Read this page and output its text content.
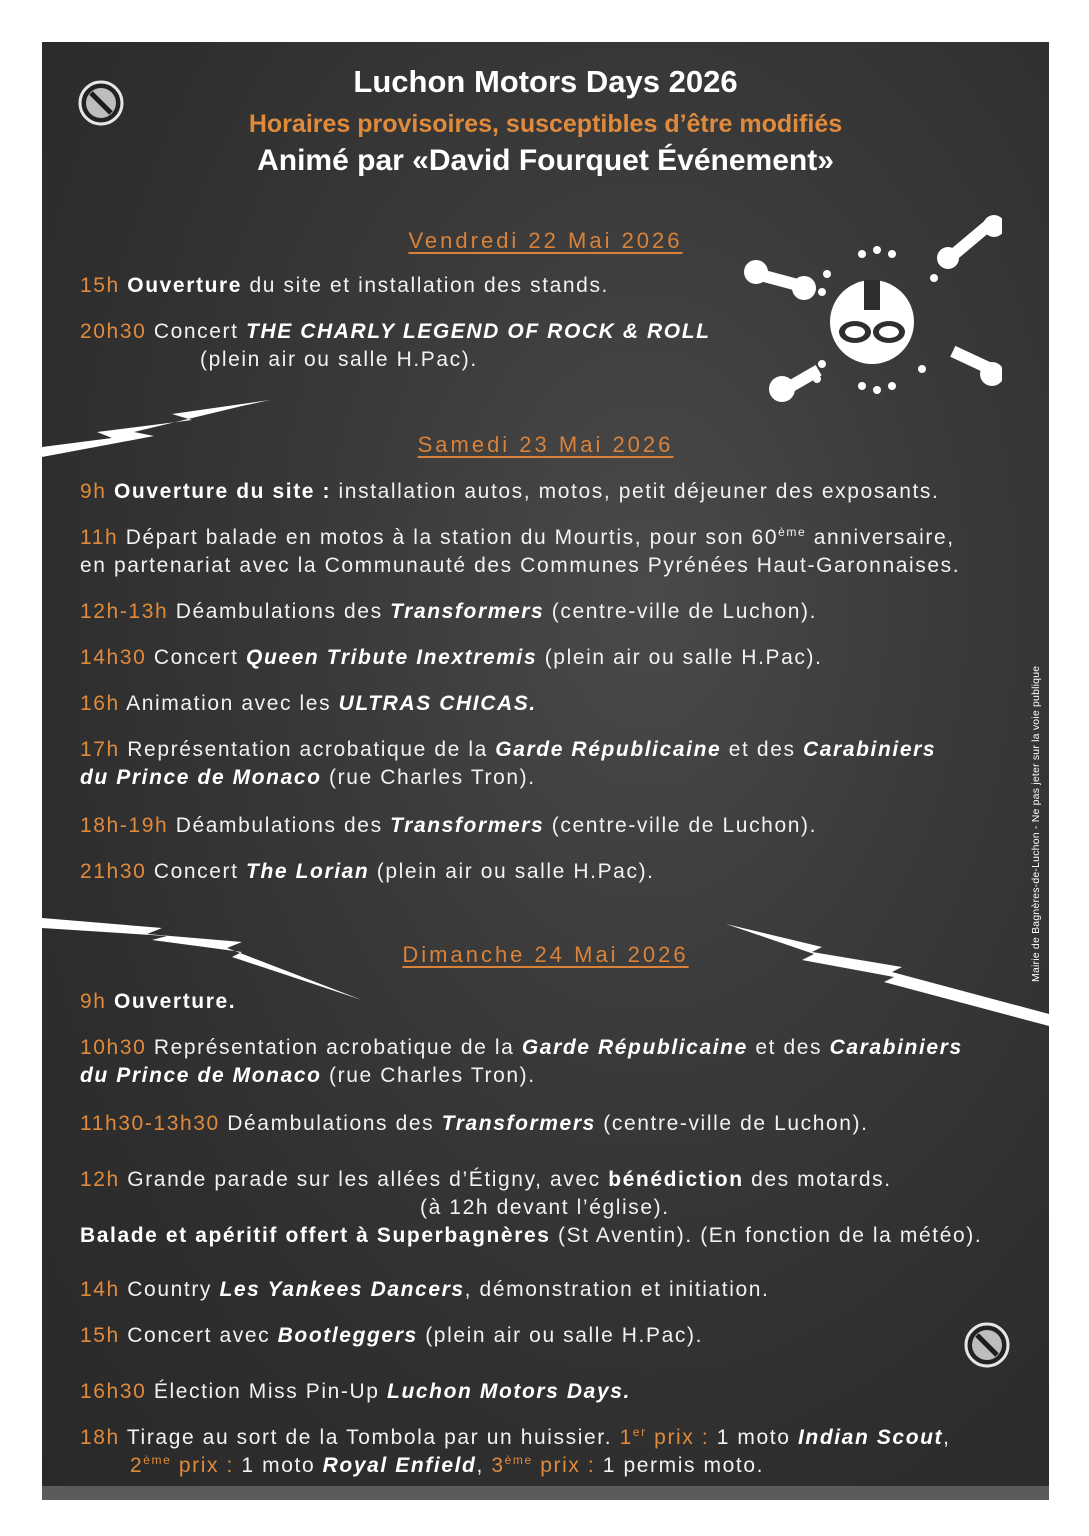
Luchon Motors Days 2026
Horaires provisoires, susceptibles d’être modifiés
Animé par «David Fourquet Événement»
Mairie de Bagnères-de-Luchon - Ne pas jeter sur la voie publique
Vendredi 22 Mai 2026
15h Ouverture du site et installation des stands.
20h30 Concert THE CHARLY LEGEND OF ROCK & ROLL
(plein air ou salle H.Pac).
Samedi 23 Mai 2026
9h Ouverture du site : installation autos, motos, petit déjeuner des exposants.
11h Départ balade en motos à la station du Mourtis, pour son 60ème anniversaire,
en partenariat avec la Communauté des Communes Pyrénées Haut-Garonnaises.
12h-13h Déambulations des Transformers (centre-ville de Luchon).
14h30 Concert Queen Tribute Inextremis (plein air ou salle H.Pac).
16h Animation avec les ULTRAS CHICAS.
17h Représentation acrobatique de la Garde Républicaine et des Carabiniers
du Prince de Monaco (rue Charles Tron).
18h-19h Déambulations des Transformers (centre-ville de Luchon).
21h30 Concert The Lorian (plein air ou salle H.Pac).
Dimanche 24 Mai 2026
9h Ouverture.
10h30 Représentation acrobatique de la Garde Républicaine et des Carabiniers
du Prince de Monaco (rue Charles Tron).
11h30-13h30 Déambulations des Transformers (centre-ville de Luchon).
12h Grande parade sur les allées d’Étigny, avec bénédiction des motards.
(à 12h devant l’église).
Balade et apéritif offert à Superbagnères (St Aventin). (En fonction de la météo).
14h Country Les Yankees Dancers, démonstration et initiation.
15h Concert avec Bootleggers (plein air ou salle H.Pac).
16h30 Élection Miss Pin-Up Luchon Motors Days.
18h Tirage au sort de la Tombola par un huissier. 1er prix : 1 moto Indian Scout,
2ème prix : 1 moto Royal Enfield, 3ème prix : 1 permis moto.
